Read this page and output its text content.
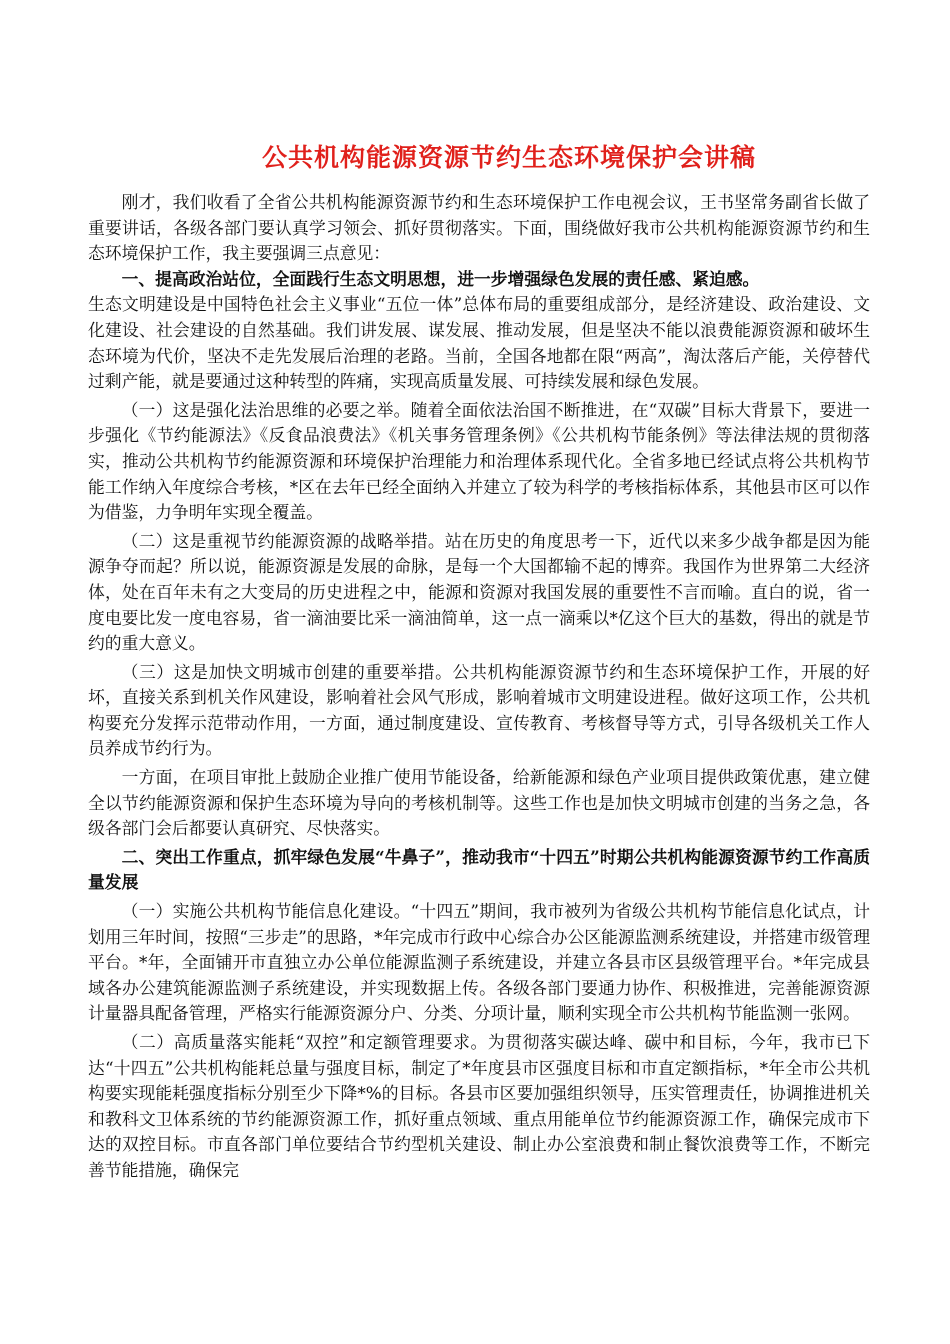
公共机构能源资源节约生态环境保护会讲稿

刚才，我们收看了全省公共机构能源资源节约和生态环境保护工作电视会议，王书坚常务副省长做了重要讲话，各级各部门要认真学习领会、抓好贯彻落实。下面，围绕做好我市公共机构能源资源节约和生态环境保护工作，我主要强调三点意见：

一、提高政治站位，全面践行生态文明思想，进一步增强绿色发展的责任感、紧迫感。

生态文明建设是中国特色社会主义事业“五位一体”总体布局的重要组成部分，是经济建设、政治建设、文化建设、社会建设的自然基础。我们讲发展、谋发展、推动发展，但是坚决不能以浪费能源资源和破坏生态环境为代价，坚决不走先发展后治理的老路。当前，全国各地都在限“两高”，淘汰落后产能，关停替代过剩产能，就是要通过这种转型的阵痛，实现高质量发展、可持续发展和绿色发展。

（一）这是强化法治思维的必要之举。随着全面依法治国不断推进，在“双碳”目标大背景下，要进一步强化《节约能源法》《反食品浪费法》《机关事务管理条例》《公共机构节能条例》等法律法规的贯彻落实，推动公共机构节约能源资源和环境保护治理能力和治理体系现代化。全省多地已经试点将公共机构节能工作纳入年度综合考核，*区在去年已经全面纳入并建立了较为科学的考核指标体系，其他县市区可以作为借鉴，力争明年实现全覆盖。

（二）这是重视节约能源资源的战略举措。站在历史的角度思考一下，近代以来多少战争都是因为能源争夺而起？所以说，能源资源是发展的命脉，是每一个大国都输不起的博弈。我国作为世界第二大经济体，处在百年未有之大变局的历史进程之中，能源和资源对我国发展的重要性不言而喻。直白的说，省一度电要比发一度电容易，省一滴油要比采一滴油简单，这一点一滴乘以*亿这个巨大的基数，得出的就是节约的重大意义。

（三）这是加快文明城市创建的重要举措。公共机构能源资源节约和生态环境保护工作，开展的好坏，直接关系到机关作风建设，影响着社会风气形成，影响着城市文明建设进程。做好这项工作，公共机构要充分发挥示范带动作用，一方面，通过制度建设、宣传教育、考核督导等方式，引导各级机关工作人员养成节约行为。

一方面，在项目审批上鼓励企业推广使用节能设备，给新能源和绿色产业项目提供政策优惠，建立健全以节约能源资源和保护生态环境为导向的考核机制等。这些工作也是加快文明城市创建的当务之急，各级各部门会后都要认真研究、尽快落实。

二、突出工作重点，抓牢绿色发展“牛鼻子”，推动我市“十四五”时期公共机构能源资源节约工作高质量发展

（一）实施公共机构节能信息化建设。“十四五”期间，我市被列为省级公共机构节能信息化试点，计划用三年时间，按照“三步走”的思路，*年完成市行政中心综合办公区能源监测系统建设，并搭建市级管理平台。*年，全面铺开市直独立办公单位能源监测子系统建设，并建立各县市区县级管理平台。*年完成县域各办公建筑能源监测子系统建设，并实现数据上传。各级各部门要通力协作、积极推进，完善能源资源计量器具配备管理，严格实行能源资源分户、分类、分项计量，顺利实现全市公共机构节能监测一张网。

（二）高质量落实能耗“双控”和定额管理要求。为贯彻落实碳达峰、碳中和目标，今年，我市已下达“十四五”公共机构能耗总量与强度目标，制定了*年度县市区强度目标和市直定额指标，*年全市公共机构要实现能耗强度指标分别至少下降*%的目标。各县市区要加强组织领导，压实管理责任，协调推进机关和教科文卫体系统的节约能源资源工作，抓好重点领域、重点用能单位节约能源资源工作，确保完成市下达的双控目标。市直各部门单位要结合节约型机关建设、制止办公室浪费和制止餐饮浪费等工作，不断完善节能措施，确保完
